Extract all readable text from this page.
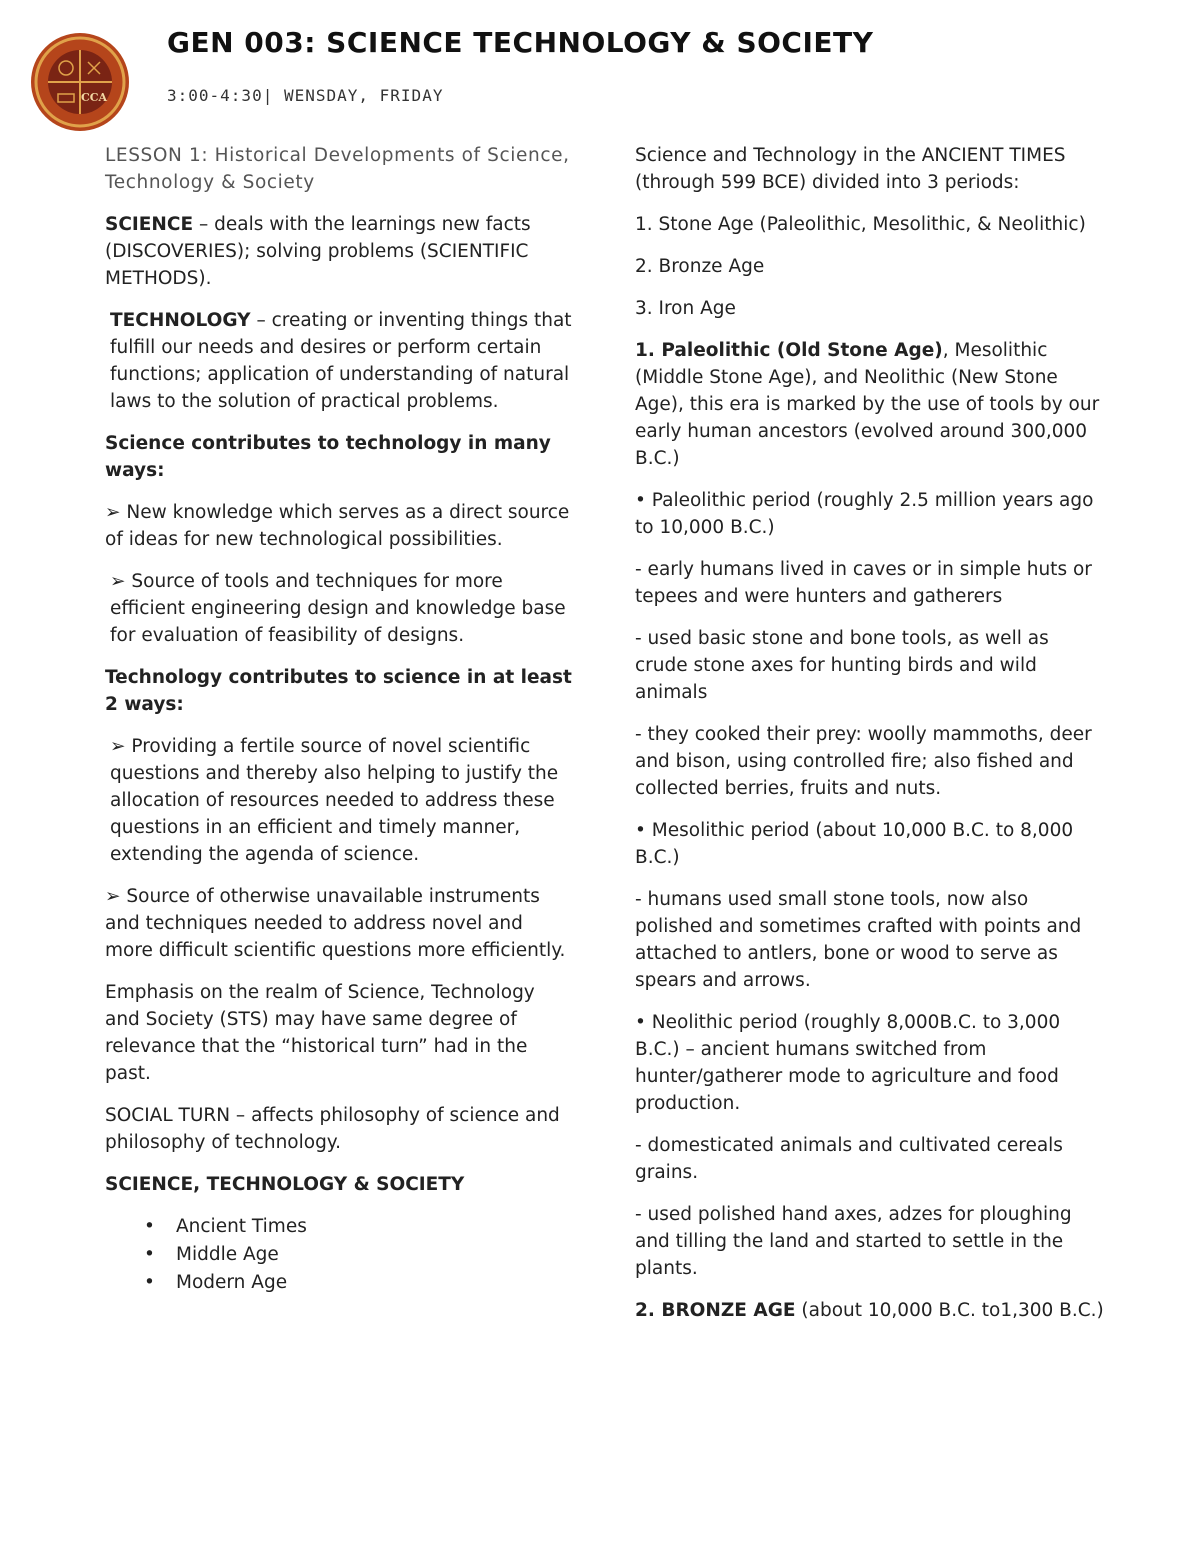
CCA
GEN 003: SCIENCE TECHNOLOGY & SOCIETY
3:00-4:30| WENSDAY, FRIDAY

LESSON 1: Historical Developments of Science, Technology & Society

SCIENCE – deals with the learnings new facts (DISCOVERIES); solving problems (SCIENTIFIC METHODS).

TECHNOLOGY – creating or inventing things that fulfill our needs and desires or perform certain functions; application of understanding of natural laws to the solution of practical problems.

Science contributes to technology in many ways:

➢ New knowledge which serves as a direct source of ideas for new technological possibilities.

➢ Source of tools and techniques for more efficient engineering design and knowledge base for evaluation of feasibility of designs.

Technology contributes to science in at least 2 ways:

➢ Providing a fertile source of novel scientific questions and thereby also helping to justify the allocation of resources needed to address these questions in an efficient and timely manner, extending the agenda of science.

➢ Source of otherwise unavailable instruments and techniques needed to address novel and more difficult scientific questions more efficiently.

Emphasis on the realm of Science, Technology and Society (STS) may have same degree of relevance that the “historical turn” had in the past.

SOCIAL TURN – affects philosophy of science and philosophy of technology.

SCIENCE, TECHNOLOGY & SOCIETY

• Ancient Times
• Middle Age
• Modern Age

Science and Technology in the ANCIENT TIMES (through 599 BCE) divided into 3 periods:

1. Stone Age (Paleolithic, Mesolithic, & Neolithic)

2. Bronze Age

3. Iron Age

1. Paleolithic (Old Stone Age), Mesolithic (Middle Stone Age), and Neolithic (New Stone Age), this era is marked by the use of tools by our early human ancestors (evolved around 300,000 B.C.)

• Paleolithic period (roughly 2.5 million years ago to 10,000 B.C.)

- early humans lived in caves or in simple huts or tepees and were hunters and gatherers

- used basic stone and bone tools, as well as crude stone axes for hunting birds and wild animals

- they cooked their prey: woolly mammoths, deer and bison, using controlled fire; also fished and collected berries, fruits and nuts.

• Mesolithic period (about 10,000 B.C. to 8,000 B.C.)

- humans used small stone tools, now also polished and sometimes crafted with points and attached to antlers, bone or wood to serve as spears and arrows.

• Neolithic period (roughly 8,000B.C. to 3,000 B.C.) – ancient humans switched from hunter/gatherer mode to agriculture and food production.

- domesticated animals and cultivated cereals grains.

- used polished hand axes, adzes for ploughing and tilling the land and started to settle in the plants.

2. BRONZE AGE (about 10,000 B.C. to1,300 B.C.)
